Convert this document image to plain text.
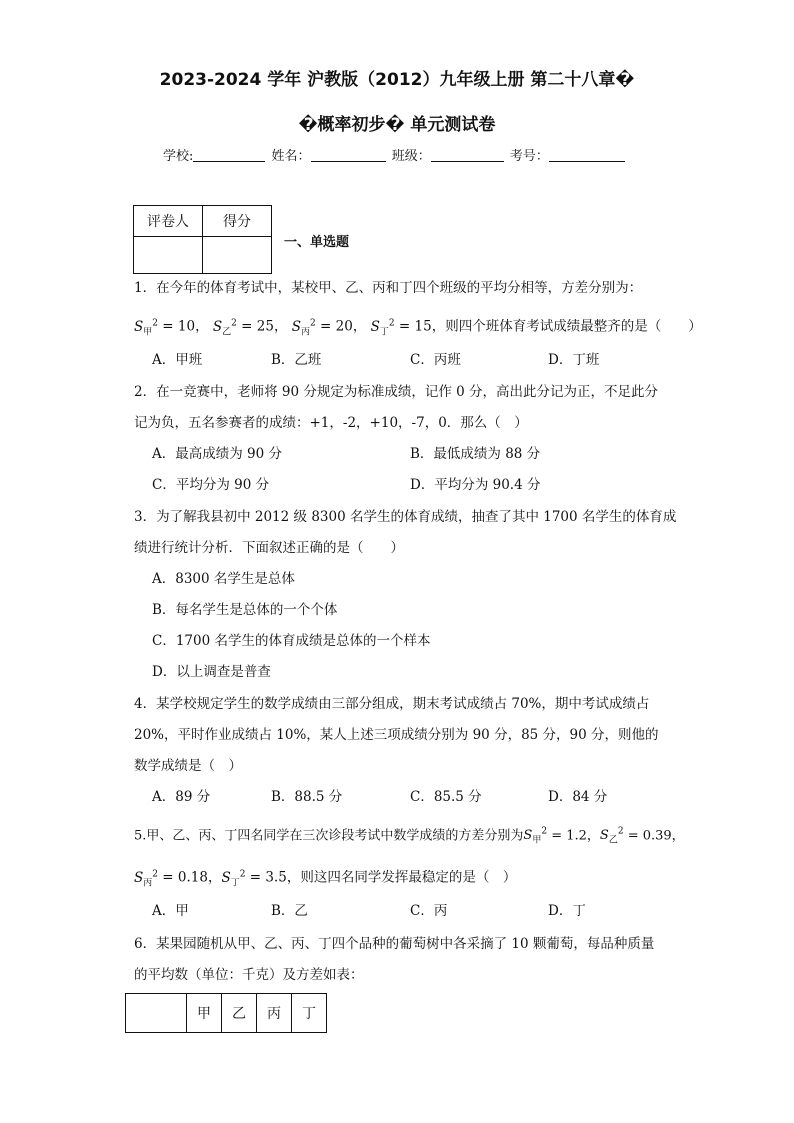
2023-2024 学年 沪教版（2012）九年级上册 第二十八章�
�概率初步� 单元测试卷
学校:	姓名：	班级：	考号：
评卷人	得分

一、单选题
1．在今年的体育考试中，某校甲、乙、丙和丁四个班级的平均分相等，方差分别为：
$S_甲^2 = 10$， $S_乙^2 = 25$， $S_丙^2 = 20$， $S_丁^2 = 15$，则四个班体育考试成绩最整齐的是（　　）
A．甲班	B．乙班	C．丙班	D．丁班
2．在一竞赛中，老师将 90 分规定为标准成绩，记作 0 分，高出此分记为正，不足此分
记为负，五名参赛者的成绩：+1，-2，+10，-7，0．那么（　）
A．最高成绩为 90 分	B．最低成绩为 88 分
C．平均分为 90 分	D．平均分为 90.4 分
3．为了解我县初中 2012 级 8300 名学生的体育成绩，抽查了其中 1700 名学生的体育成
绩进行统计分析．下面叙述正确的是（　　）
A．8300 名学生是总体
B．每名学生是总体的一个个体
C．1700 名学生的体育成绩是总体的一个样本
D．以上调查是普查
4．某学校规定学生的数学成绩由三部分组成，期末考试成绩占 70%，期中考试成绩占
20%，平时作业成绩占 10%，某人上述三项成绩分别为 90 分，85 分，90 分，则他的
数学成绩是（　）
A．89 分	B．88.5 分	C．85.5 分	D．84 分
5.甲、乙、丙、丁四名同学在三次诊段考试中数学成绩的方差分别为$S_甲^2 = 1.2$，$S_乙^2 = 0.39$，
$S_丙^2 = 0.18$，$S_丁^2 = 3.5$，则这四名同学发挥最稳定的是（　）
A．甲	B．乙	C．丙	D．丁
6．某果园随机从甲、乙、丙、丁四个品种的葡萄树中各采摘了 10 颗葡萄，每品种质量
的平均数（单位：千克）及方差如表：
	甲	乙	丙	丁
